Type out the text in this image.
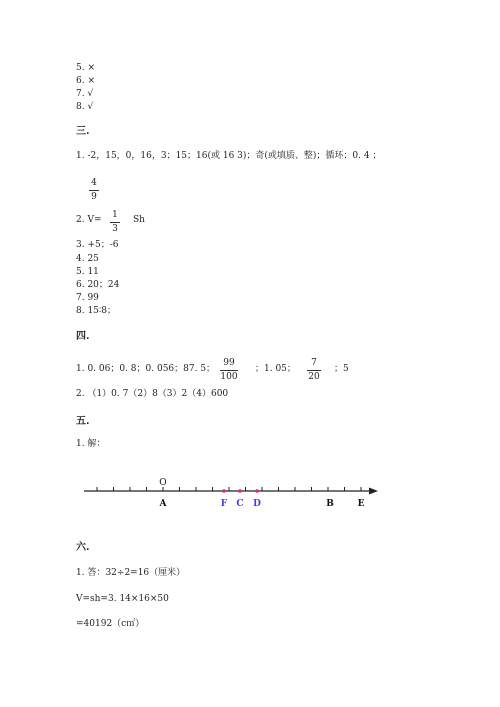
5. ×
6. ×
7. √
8. √
三.
1. -2，15，0，16，3；15；16(或 16 3)；奇(或填质、整)；循环；0. 4 ；
4
9
2. V= 1
3
Sh
3. +5；-6
4. 25
5. 11
6. 20；24
7. 99
8. 15∶8；
四.
1. 0. 06；0. 8；0. 056；87. 5；
99
100
；1. 05；
7
20
；5
2. （1）0. 7（2）8（3）2（4）600
五.
1. 解：
O
A	F C D	B	E
六.
1. 答：32÷2=16（厘米）
V=sh=3. 14×16×50
=40192（c㎡）
